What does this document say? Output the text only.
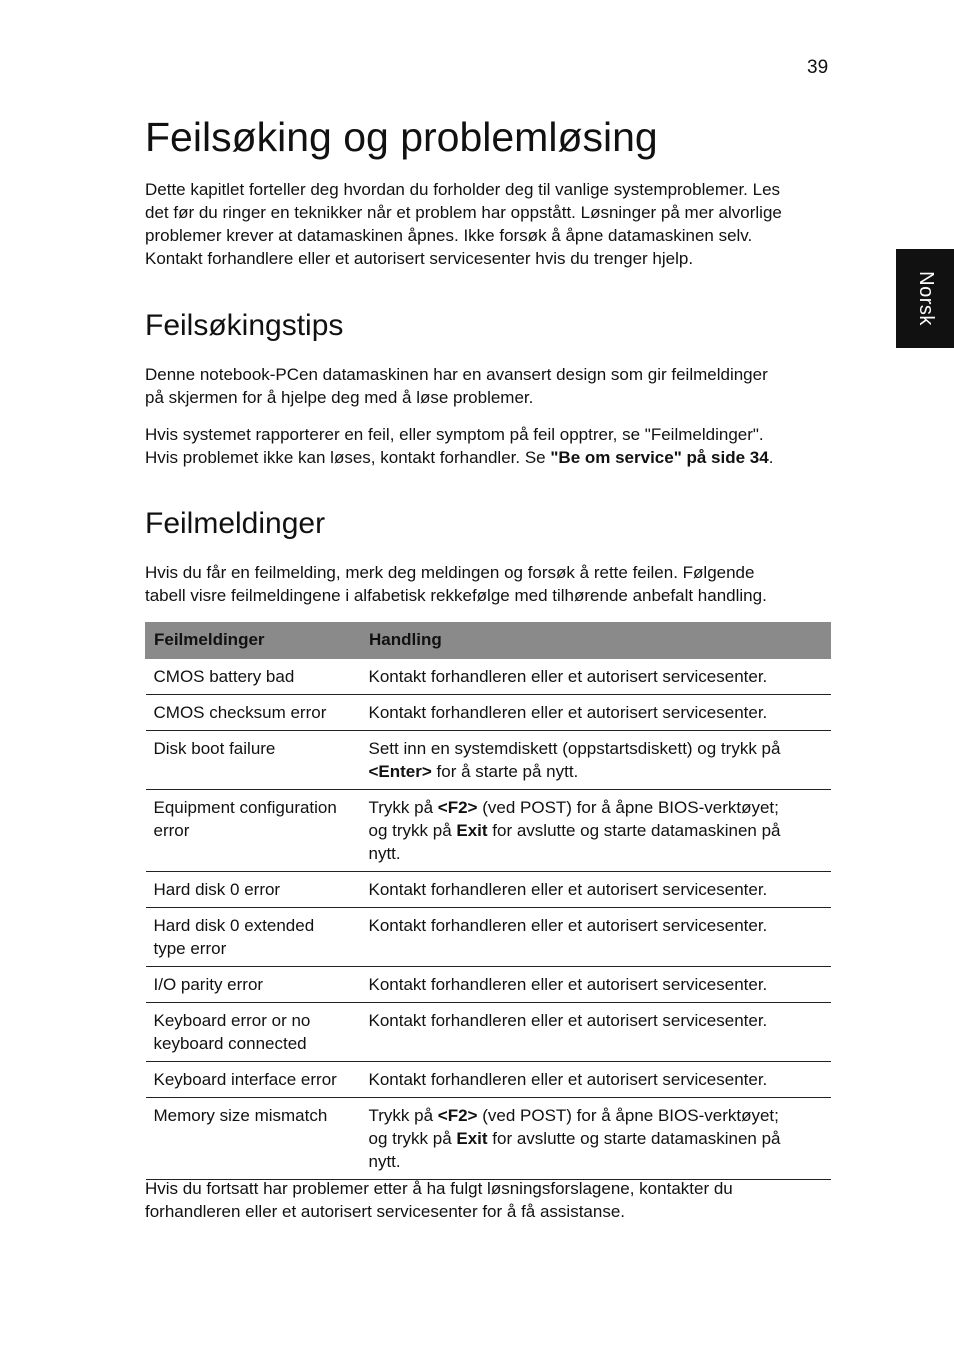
39
Norsk
Feilsøking og problemløsing

Dette kapitlet forteller deg hvordan du forholder deg til vanlige systemproblemer. Les
det før du ringer en teknikker når et problem har oppstått. Løsninger på mer alvorlige
problemer krever at datamaskinen åpnes. Ikke forsøk å åpne datamaskinen selv.
Kontakt forhandlere eller et autorisert servicesenter hvis du trenger hjelp.

Feilsøkingstips

Denne notebook-PCen datamaskinen har en avansert design som gir feilmeldinger
på skjermen for å hjelpe deg med å løse problemer.

Hvis systemet rapporterer en feil, eller symptom på feil opptrer, se "Feilmeldinger".
Hvis problemet ikke kan løses, kontakt forhandler. Se "Be om service" på side 34.

Feilmeldinger

Hvis du får en feilmelding, merk deg meldingen og forsøk å rette feilen. Følgende
tabell visre feilmeldingene i alfabetisk rekkefølge med tilhørende anbefalt handling.

Feilmeldinger	Handling
CMOS battery bad	Kontakt forhandleren eller et autorisert servicesenter.
CMOS checksum error	Kontakt forhandleren eller et autorisert servicesenter.
Disk boot failure	Sett inn en systemdiskett (oppstartsdiskett) og trykk på
<Enter> for å starte på nytt.

Equipment configuration
error	Trykk på <F2> (ved POST) for å åpne BIOS-verktøyet;
og trykk på Exit for avslutte og starte datamaskinen på
nytt.

Hard disk 0 error	Kontakt forhandleren eller et autorisert servicesenter.

Hard disk 0 extended
type error	Kontakt forhandleren eller et autorisert servicesenter.
I/O parity error	Kontakt forhandleren eller et autorisert servicesenter.

Keyboard error or no
keyboard connected	Kontakt forhandleren eller et autorisert servicesenter.
Keyboard interface error	Kontakt forhandleren eller et autorisert servicesenter.
Memory size mismatch	Trykk på <F2> (ved POST) for å åpne BIOS-verktøyet;
og trykk på Exit for avslutte og starte datamaskinen på
nytt.

Hvis du fortsatt har problemer etter å ha fulgt løsningsforslagene, kontakter du
forhandleren eller et autorisert servicesenter for å få assistanse.
